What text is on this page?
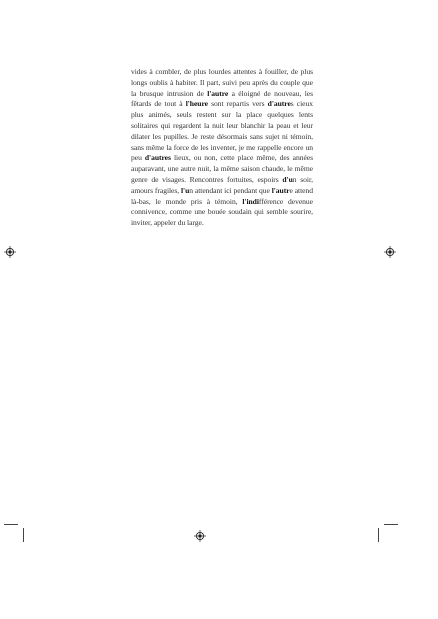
vides à combler, de plus lourdes attentes à fouiller, de plus longs oublis à habiter. Il part, suivi peu après du couple que la brusque intrusion de l'autre a éloigné de nouveau, les fêtards de tout à l'heure sont repartis vers d'autres cieux plus animés, seuls restent sur la place quelques lents solitaires qui regardent la nuit leur blanchir la peau et leur dilater les pupilles. Je reste désormais sans sujet ni témoin, sans même la force de les inventer, je me rappelle encore un peu d'autres lieux, ou non, cette place même, des années auparavant, une autre nuit, la même saison chaude, le même genre de visages. Rencontres fortuites, espoirs d'un soir, amours fragiles, l'un attendant ici pendant que l'autre attend là-bas, le monde pris à témoin, l'indifférence devenue connivence, comme une bouée soudain qui semble sourire, inviter, appeler du large.
